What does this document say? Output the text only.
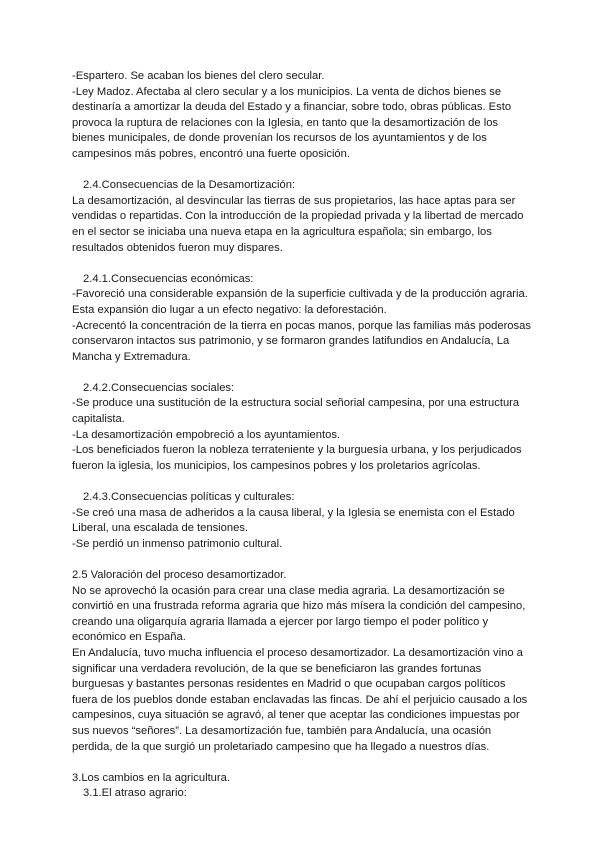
-Espartero. Se acaban los bienes del clero secular.
-Ley Madoz. Afectaba al clero secular y a los municipios. La venta de dichos bienes se
destinaría a amortizar la deuda del Estado y a financiar, sobre todo, obras públicas. Esto
provoca la ruptura de relaciones con la Iglesia, en tanto que la desamortización de los
bienes municipales, de donde provenían los recursos de los ayuntamientos y de los
campesinos más pobres, encontró una fuerte oposición.
2.4.Consecuencias de la Desamortización:
La desamortización, al desvincular las tierras de sus propietarios, las hace aptas para ser
vendidas o repartidas. Con la introducción de la propiedad privada y la libertad de mercado
en el sector se iniciaba una nueva etapa en la agricultura española; sin embargo, los
resultados obtenidos fueron muy dispares.
2.4.1.Consecuencias económicas:
-Favoreció una considerable expansión de la superficie cultivada y de la producción agraria.
Esta expansión dio lugar a un efecto negativo: la deforestación.
-Acrecentó la concentración de la tierra en pocas manos, porque las familias más poderosas
conservaron intactos sus patrimonio, y se formaron grandes latifundios en Andalucía, La
Mancha y Extremadura.
2.4.2.Consecuencias sociales:
-Se produce una sustitución de la estructura social señorial campesina, por una estructura
capitalista.
-La desamortización empobreció a los ayuntamientos.
-Los beneficiados fueron la nobleza terrateniente y la burguesía urbana, y los perjudicados
fueron la iglesia, los municipios, los campesinos pobres y los proletarios agrícolas.
2.4.3.Consecuencias políticas y culturales:
-Se creó una masa de adheridos a la causa liberal, y la Iglesia se enemista con el Estado
Liberal, una escalada de tensiones.
-Se perdió un inmenso patrimonio cultural.
2.5 Valoración del proceso desamortizador.
No se aprovechó la ocasión para crear una clase media agraria. La desamortización se
convirtió en una frustrada reforma agraria que hizo más mísera la condición del campesino,
creando una oligarquía agraria llamada a ejercer por largo tiempo el poder político y
económico en España.
En Andalucía, tuvo mucha influencia el proceso desamortizador. La desamortización vino a
significar una verdadera revolución, de la que se beneficiaron las grandes fortunas
burguesas y bastantes personas residentes en Madrid o que ocupaban cargos políticos
fuera de los pueblos donde estaban enclavadas las fincas. De ahí el perjuicio causado a los
campesinos, cuya situación se agravó, al tener que aceptar las condiciones impuestas por
sus nuevos “señores”. La desamortización fue, también para Andalucía, una ocasión
perdida, de la que surgió un proletariado campesino que ha llegado a nuestros días.
3.Los cambios en la agricultura.
3.1.El atraso agrario:
